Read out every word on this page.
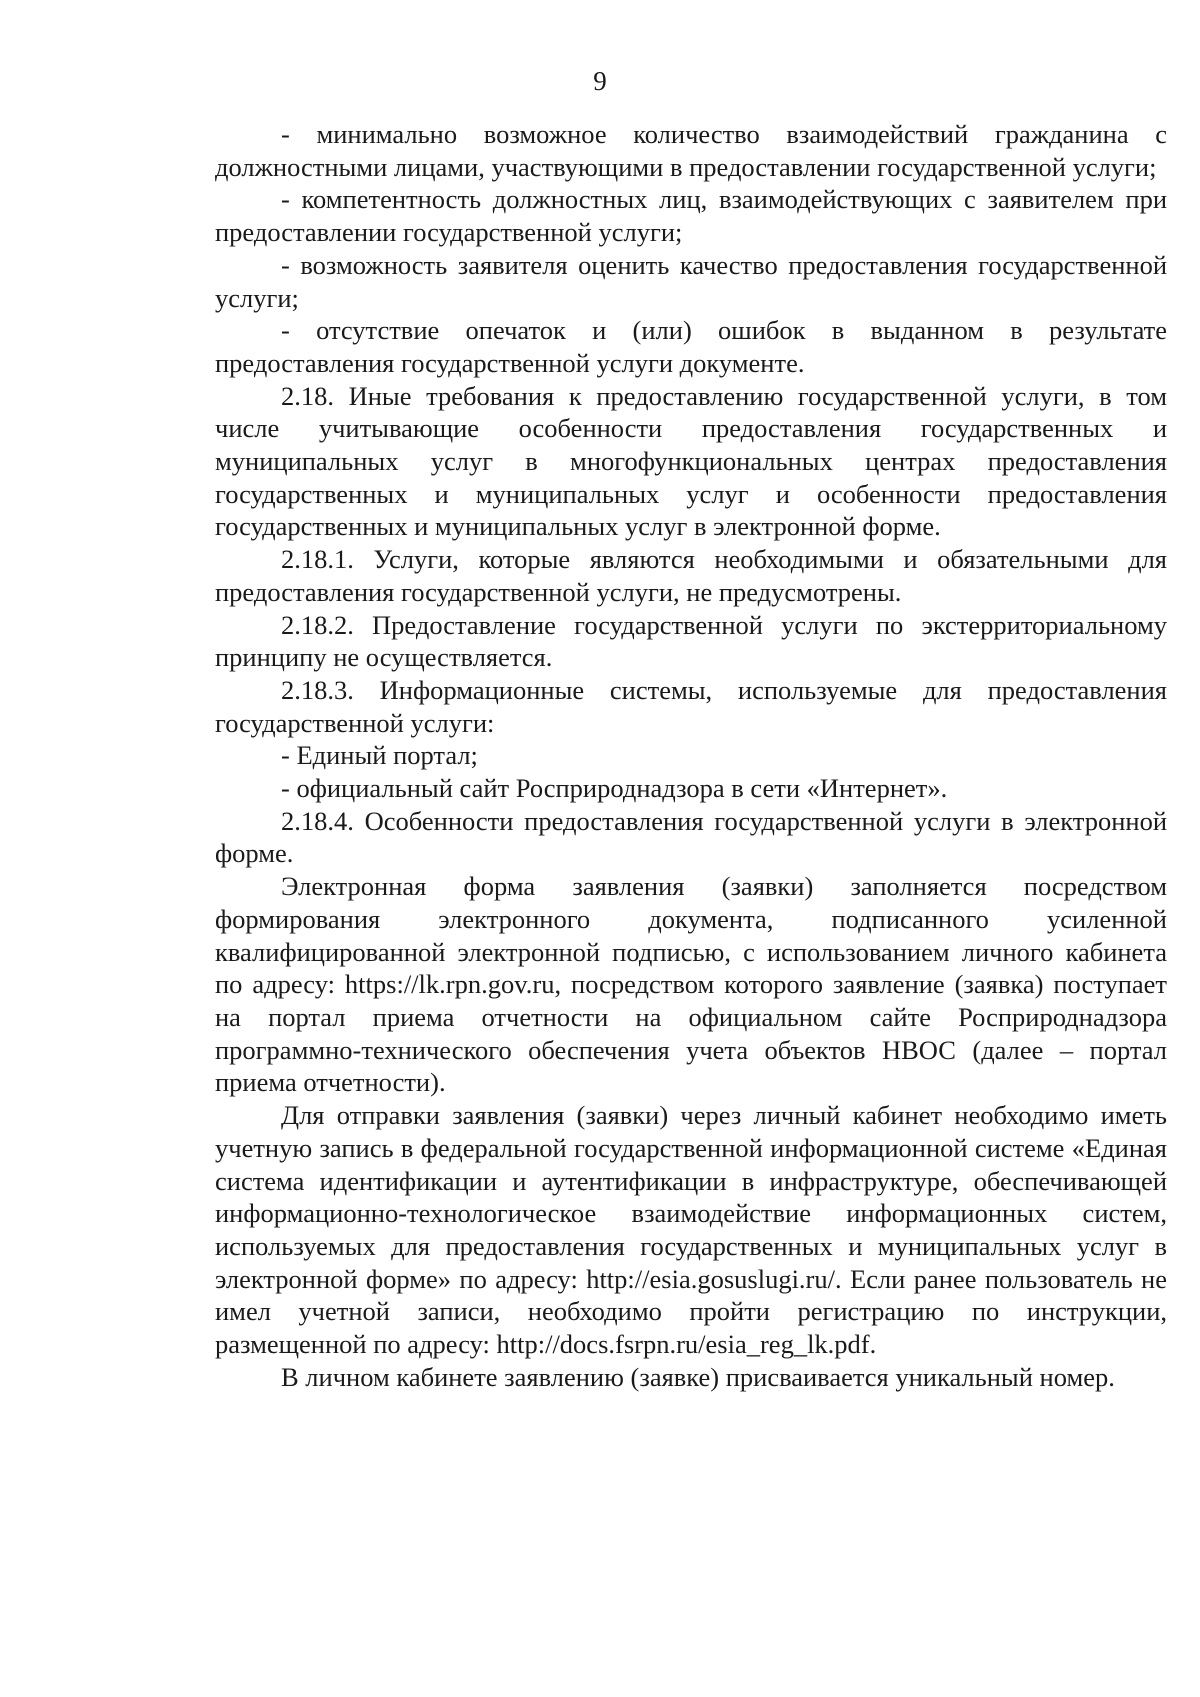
9

- минимально возможное количество взаимодействий гражданина с должностными лицами, участвующими в предоставлении государственной услуги;

- компетентность должностных лиц, взаимодействующих с заявителем при предоставлении государственной услуги;

- возможность заявителя оценить качество предоставления государственной услуги;

- отсутствие опечаток и (или) ошибок в выданном в результате предоставления государственной услуги документе.

2.18. Иные требования к предоставлению государственной услуги, в том числе учитывающие особенности предоставления государственных и муниципальных услуг в многофункциональных центрах предоставления государственных и муниципальных услуг и особенности предоставления государственных и муниципальных услуг в электронной форме.

2.18.1. Услуги, которые являются необходимыми и обязательными для предоставления государственной услуги, не предусмотрены.

2.18.2. Предоставление государственной услуги по экстерриториальному принципу не осуществляется.

2.18.3. Информационные системы, используемые для предоставления государственной услуги:

- Единый портал;

- официальный сайт Росприроднадзора в сети «Интернет».

2.18.4. Особенности предоставления государственной услуги в электронной форме.

Электронная форма заявления (заявки) заполняется посредством формирования электронного документа, подписанного усиленной квалифицированной электронной подписью, с использованием личного кабинета по адресу: https://lk.rpn.gov.ru, посредством которого заявление (заявка) поступает на портал приема отчетности на официальном сайте Росприроднадзора программно-технического обеспечения учета объектов НВОС (далее – портал приема отчетности).

Для отправки заявления (заявки) через личный кабинет необходимо иметь учетную запись в федеральной государственной информационной системе «Единая система идентификации и аутентификации в инфраструктуре, обеспечивающей информационно-технологическое взаимодействие информационных систем, используемых для предоставления государственных и муниципальных услуг в электронной форме» по адресу: http://esia.gosuslugi.ru/. Если ранее пользователь не имел учетной записи, необходимо пройти регистрацию по инструкции, размещенной по адресу: http://docs.fsrpn.ru/esia_reg_lk.pdf.

В личном кабинете заявлению (заявке) присваивается уникальный номер.
